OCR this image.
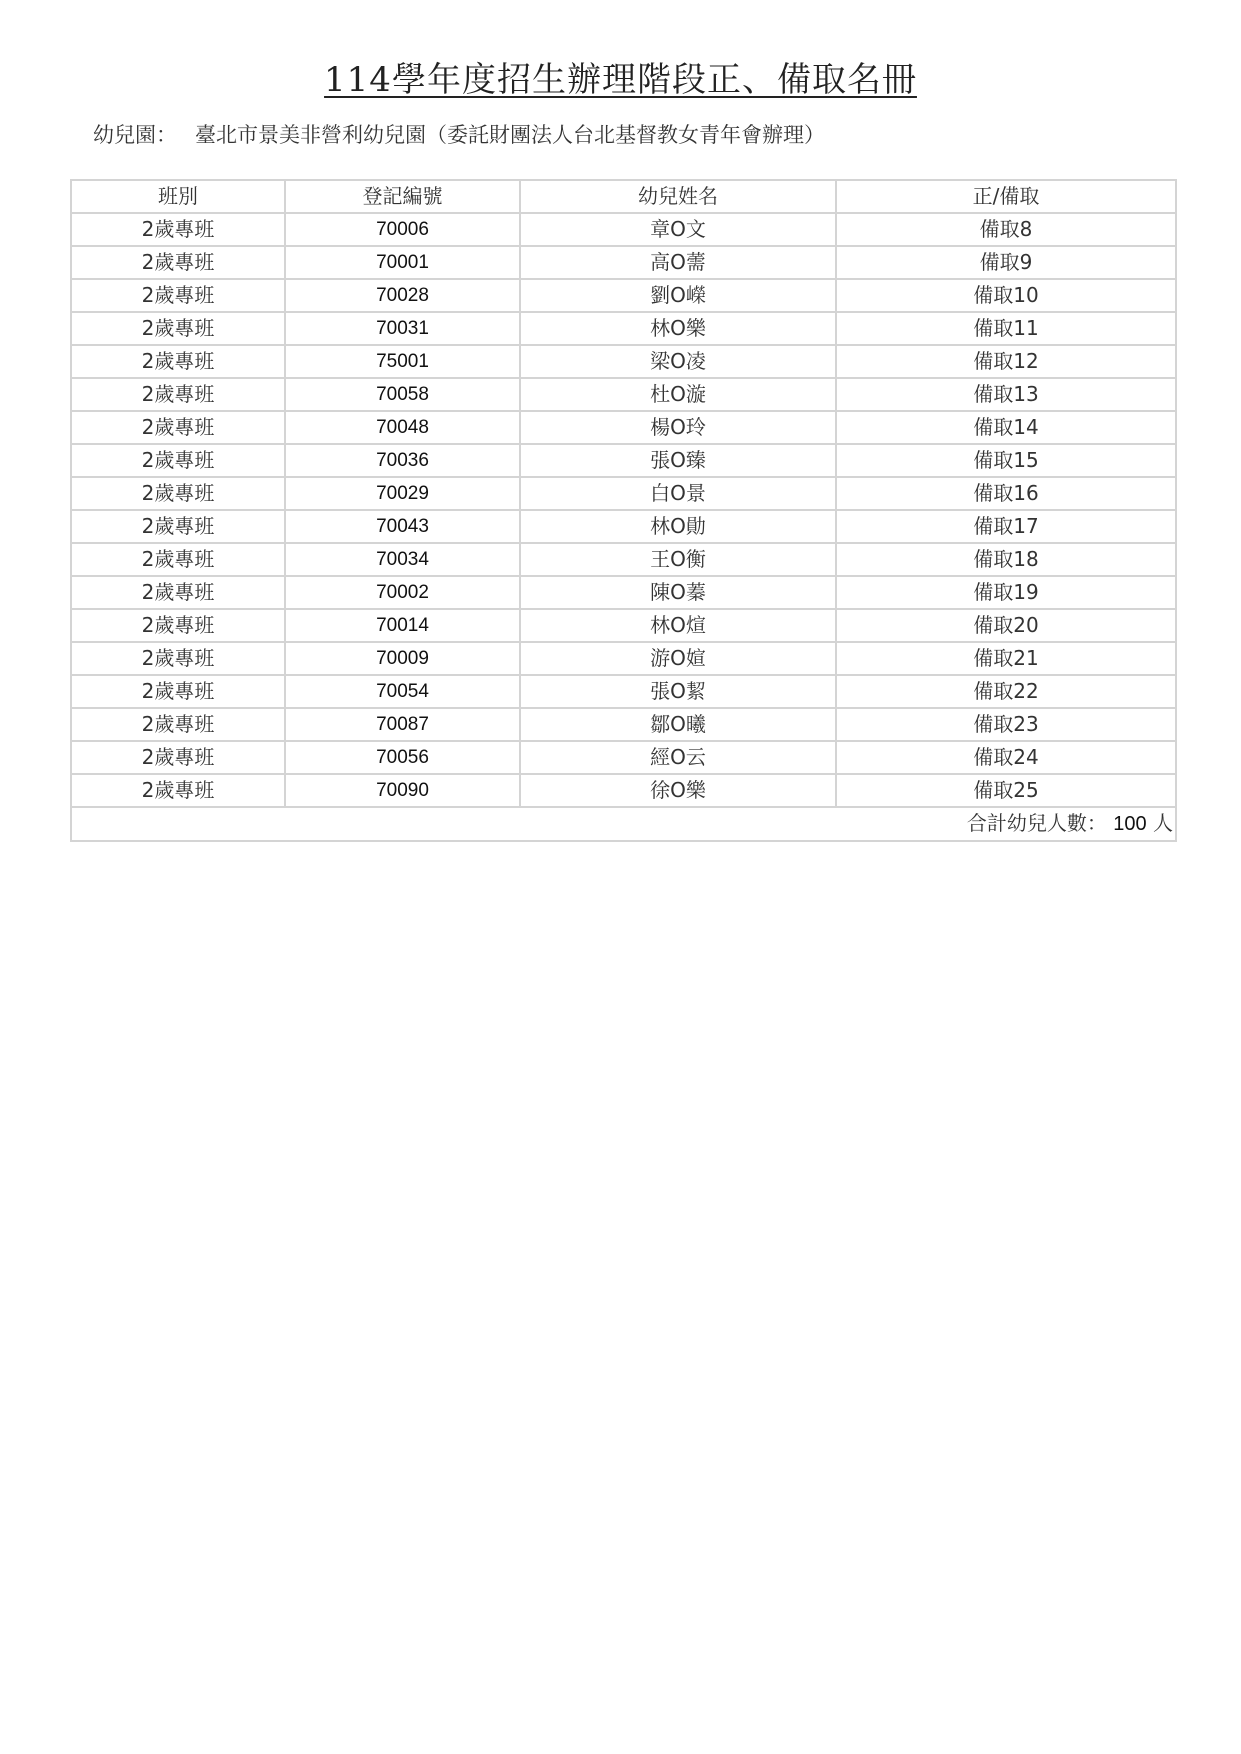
114學年度招生辦理階段正、備取名冊
幼兒園： 臺北市景美非營利幼兒園（委託財團法人台北基督教女青年會辦理）
班別	登記編號	幼兒姓名	正/備取
2歲專班	70006	章O文	備取8
2歲專班	70001	高O薷	備取9
2歲專班	70028	劉O嶸	備取10
2歲專班	70031	林O樂	備取11
2歲專班	75001	梁O凌	備取12
2歲專班	70058	杜O漩	備取13
2歲專班	70048	楊O玲	備取14
2歲專班	70036	張O臻	備取15
2歲專班	70029	白O景	備取16
2歲專班	70043	林O勛	備取17
2歲專班	70034	王O衡	備取18
2歲專班	70002	陳O蓁	備取19
2歲專班	70014	林O煊	備取20
2歲專班	70009	游O媗	備取21
2歲專班	70054	張O絜	備取22
2歲專班	70087	鄒O曦	備取23
2歲專班	70056	經O云	備取24
2歲專班	70090	徐O樂	備取25
合計幼兒人數： 100 人			
